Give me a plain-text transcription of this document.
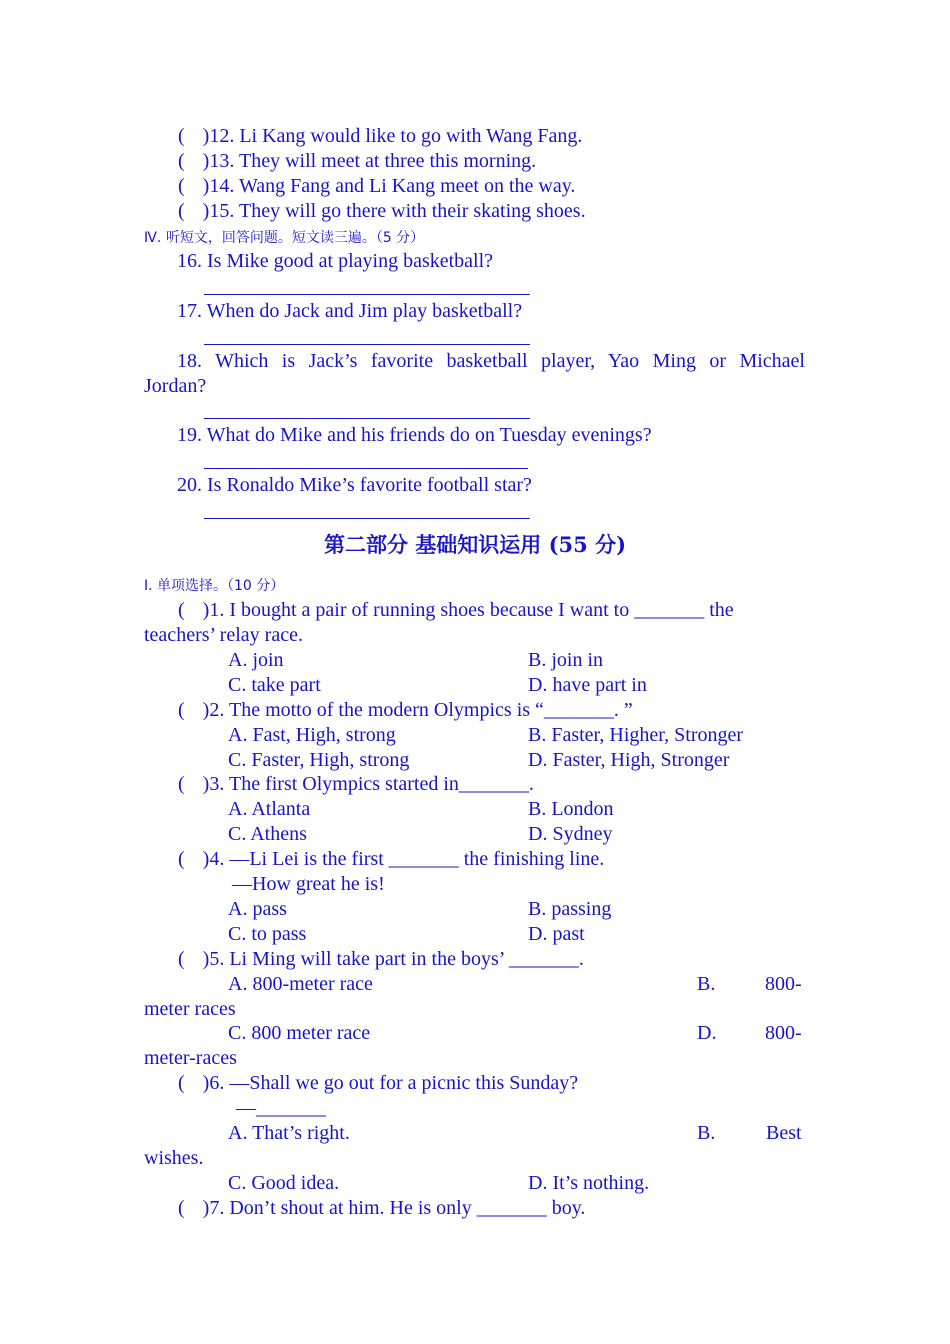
( )12. Li Kang would like to go with Wang Fang.
( )13. They will meet at three this morning.
( )14. Wang Fang and Li Kang meet on the way.
( )15. They will go there with their skating shoes.
Ⅳ. 听短文，回答问题。短文读三遍。（5 分）
16. Is Mike good at playing basketball?
17. When do Jack and Jim play basketball?
18. Which is Jack’s favorite basketball player, Yao Ming or Michael
Jordan?
19. What do Mike and his friends do on Tuesday evenings?
20. Is Ronaldo Mike’s favorite football star?
第二部分 基础知识运用 (55 分)
Ⅰ. 单项选择。（10 分）
( )1. I bought a pair of running shoes because I want to _______ the
teachers’ relay race.
A. join	B. join in
C. take part	D. have part in
( )2. The motto of the modern Olympics is “_______. ”
A. Fast, High, strong	B. Faster, Higher, Stronger
C. Faster, High, strong	D. Faster, High, Stronger
( )3. The first Olympics started in_______.
A. Atlanta	B. London
C. Athens	D. Sydney
( )4. —Li Lei is the first _______ the finishing line.
—How great he is!
A. pass	B. passing
C. to pass	D. past
( )5. Li Ming will take part in the boys’ _______.
A. 800-meter race	B. 800-
meter races
C. 800 meter race	D. 800-
meter-races
( )6. —Shall we go out for a picnic this Sunday?
—_______
A. That’s right.	B.	Best
wishes.
C. Good idea.	D. It’s nothing.
( )7. Don’t shout at him. He is only _______ boy.
